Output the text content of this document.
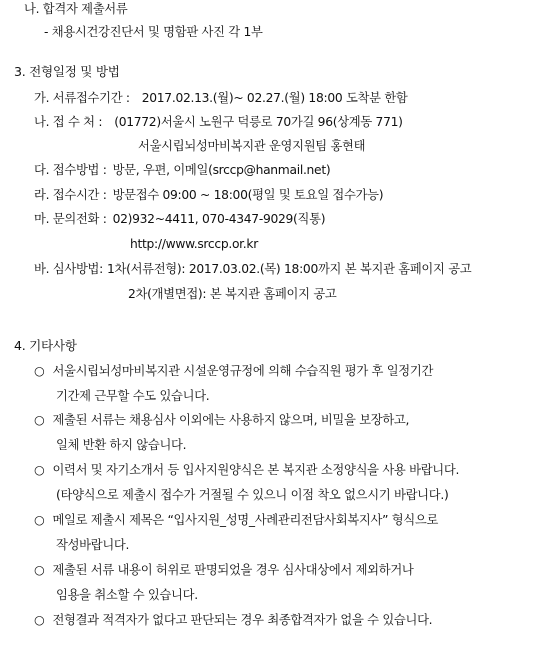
나. 합격자 제출서류
- 채용시건강진단서 및 명함판 사진 각 1부
3. 전형일정 및 방법
가. 서류접수기간 : 2017.02.13.(월)~ 02.27.(월) 18:00 도착분 한함
나. 접 수 처 : (01772)서울시 노원구 덕릉로 70가길 96(상계동 771)
서울시립뇌성마비복지관 운영지원팀 홍현태
다. 접수방법 : 방문, 우편, 이메일(srccp@hanmail.net)
라. 접수시간 : 방문접수 09:00 ~ 18:00(평일 및 토요일 접수가능)
마. 문의전화 : 02)932~4411, 070-4347-9029(직통)
http://www.srccp.or.kr
바. 심사방법: 1차(서류전형): 2017.03.02.(목) 18:00까지 본 복지관 홈페이지 공고
2차(개별면접): 본 복지관 홈페이지 공고
4. 기타사항
○ 서울시립뇌성마비복지관 시설운영규정에 의해 수습직원 평가 후 일정기간
기간제 근무할 수도 있습니다.
○ 제출된 서류는 채용심사 이외에는 사용하지 않으며, 비밀을 보장하고,
일체 반환 하지 않습니다.
○ 이력서 및 자기소개서 등 입사지원양식은 본 복지관 소정양식을 사용 바랍니다.
(타양식으로 제출시 접수가 거절될 수 있으니 이점 착오 없으시기 바랍니다.)
○ 메일로 제출시 제목은 “입사지원_성명_사례관리전담사회복지사” 형식으로
작성바랍니다.
○ 제출된 서류 내용이 허위로 판명되었을 경우 심사대상에서 제외하거나
임용을 취소할 수 있습니다.
○ 전형결과 적격자가 없다고 판단되는 경우 최종합격자가 없을 수 있습니다.
